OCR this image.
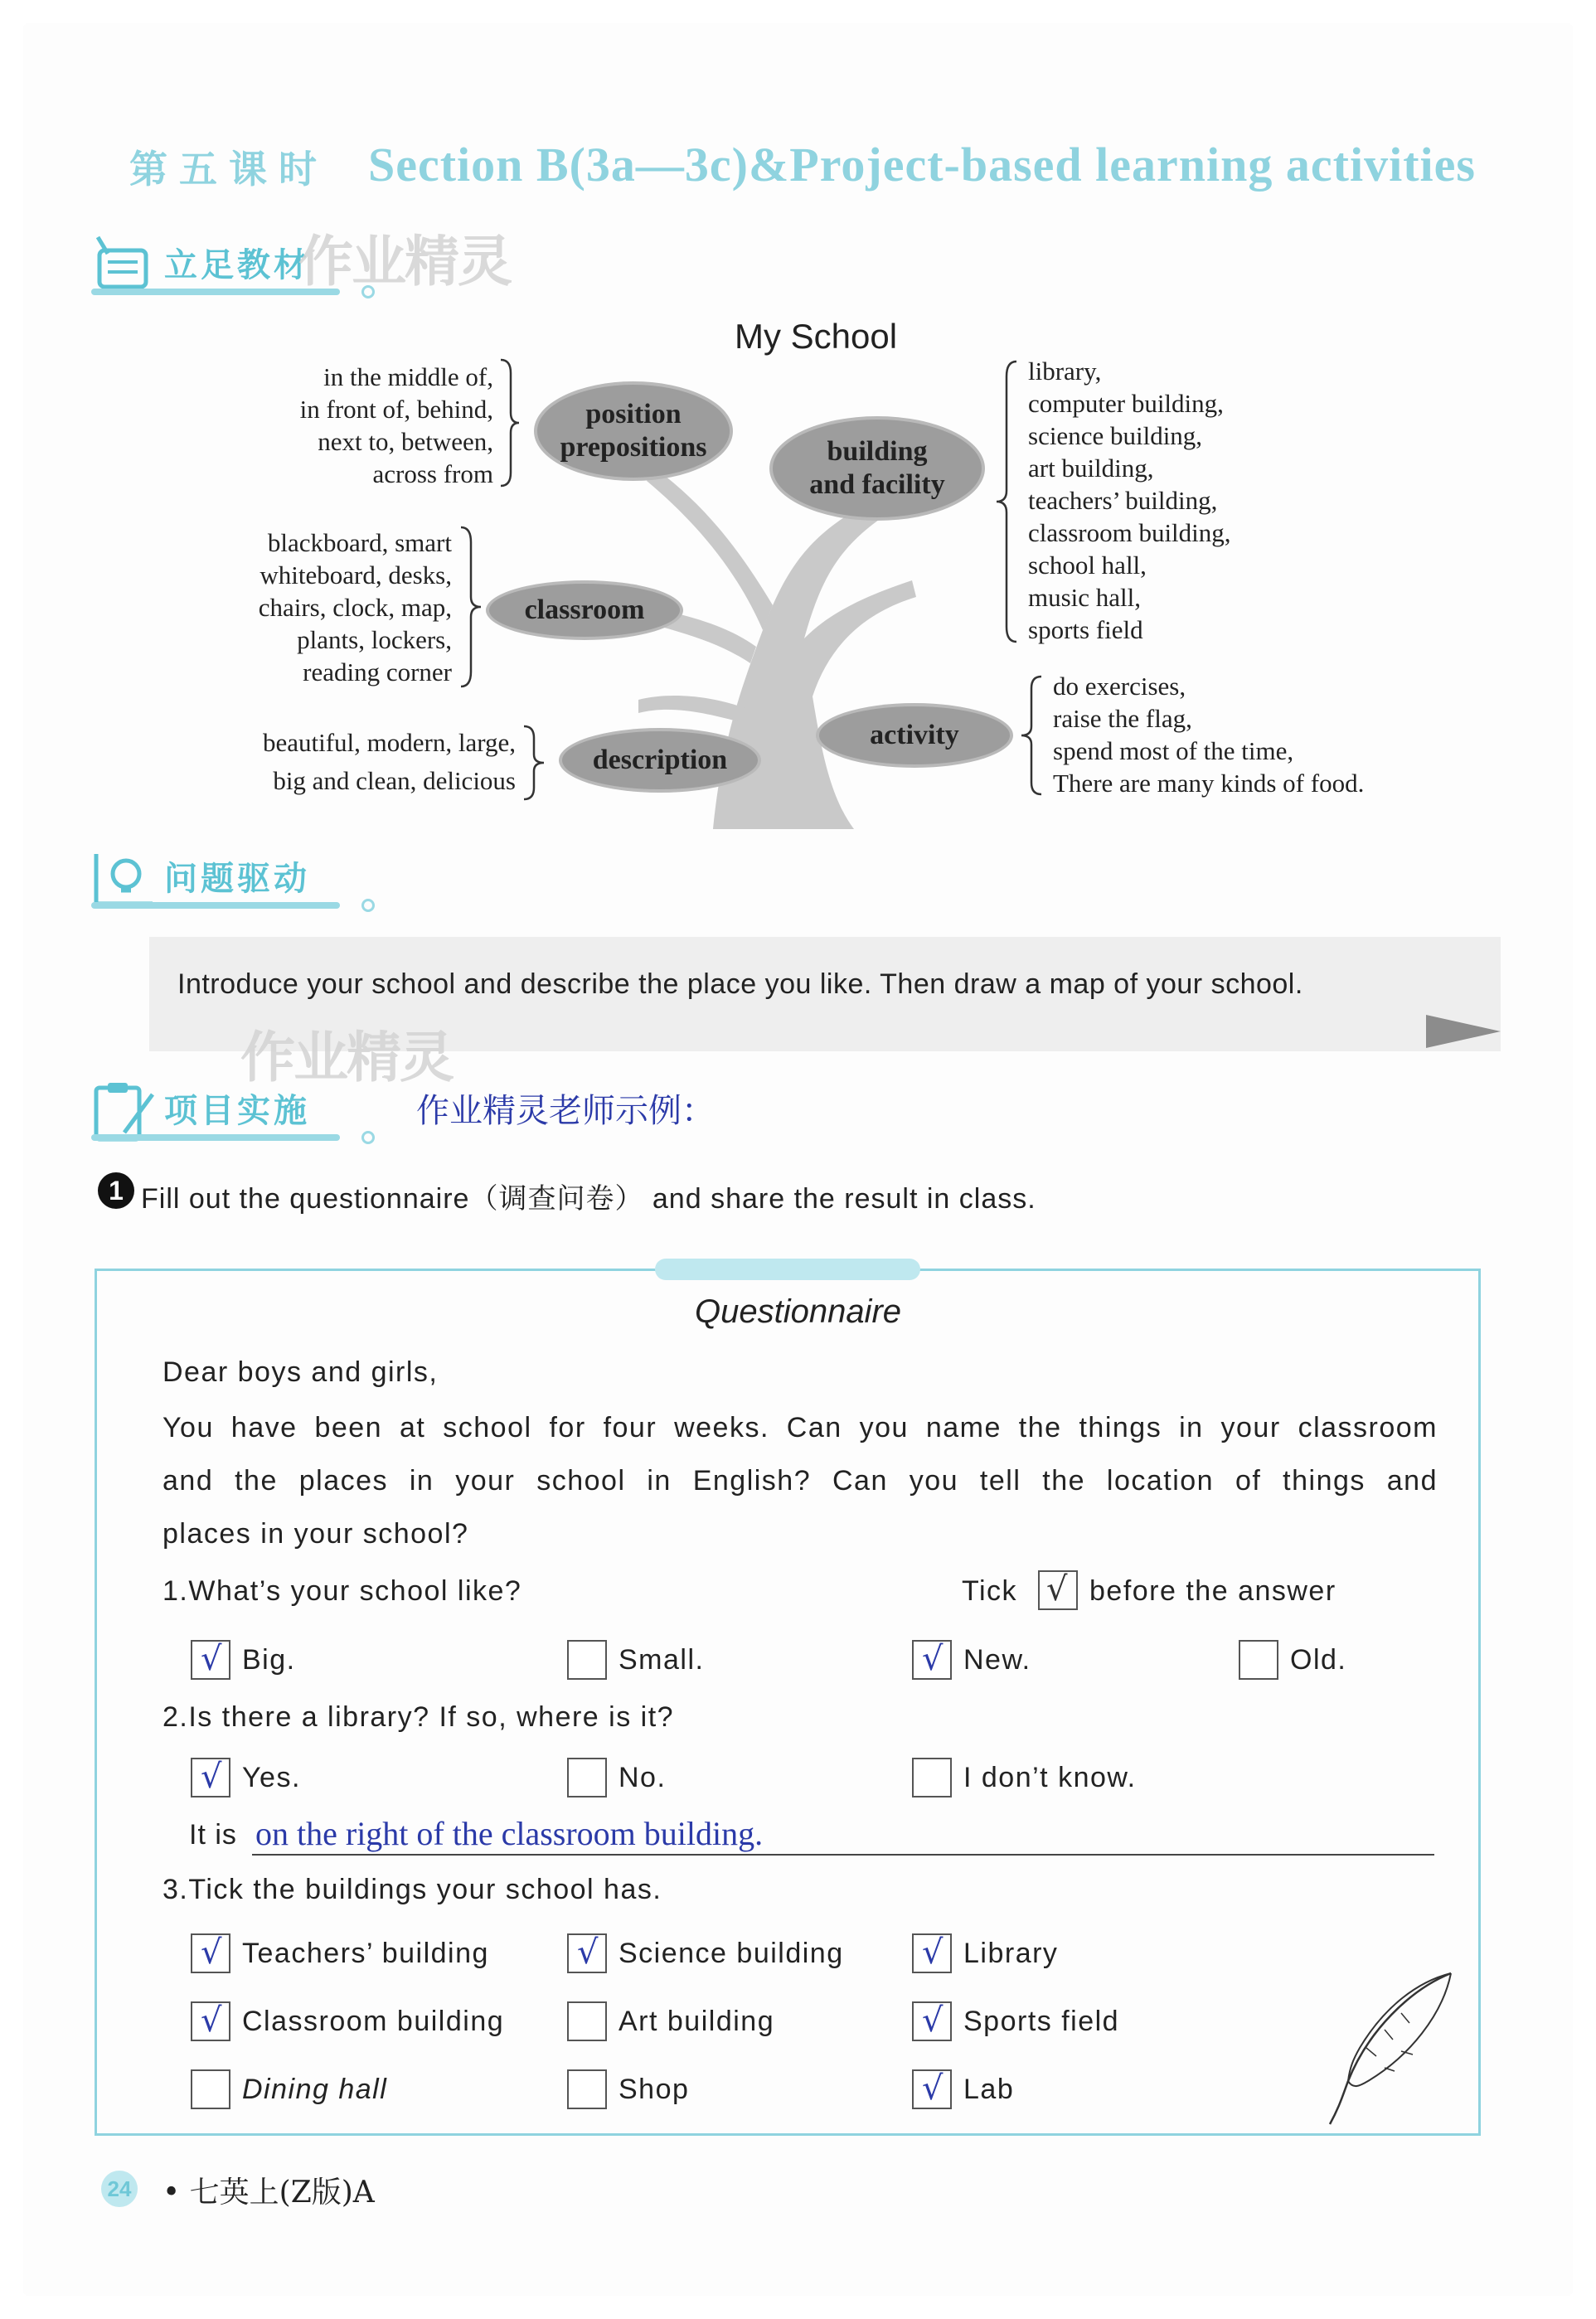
第五课时 Section B(3a—3c)&Project-based learning activities
立足教材
作业精灵
My School
position
prepositions	building
and facility
classroom
activity
description
in the middle of,
in front of, behind,
next to, between,
across from
blackboard, smart
whiteboard, desks,
chairs, clock, map,
plants, lockers,
reading corner
beautiful, modern, large,
big and clean, delicious
library,
computer building,
science building,
art building,
teachers’ building,
classroom building,
school hall,
music hall,
sports field
do exercises,
raise the flag,
spend most of the time,
There are many kinds of food.
问题驱动
Introduce your school and describe the place you like. Then draw a map of your school.
作业精灵
项目实施	作业精灵老师示例：
1 Fill out the questionnaire（调查问卷） and share the result in class.
Questionnaire
Dear boys and girls,
You have been at school for four weeks. Can you name the things in your classroom
and the places in your school in English? Can you tell the location of things and
places in your school?
1.What’s your school like?	Tick √ before the answer
√ Big.	Small.	√ New.	Old.
2.Is there a library? If so, where is it?
√ Yes.	No.	I don’t know.
It is on the right of the classroom building.
3.Tick the buildings your school has.
√ Teachers’ building	√ Science building √ Library
√ Classroom building	Art building	√ Sports field
Dining hall	Shop	√ Lab
24 • 七英上(Z版)A
